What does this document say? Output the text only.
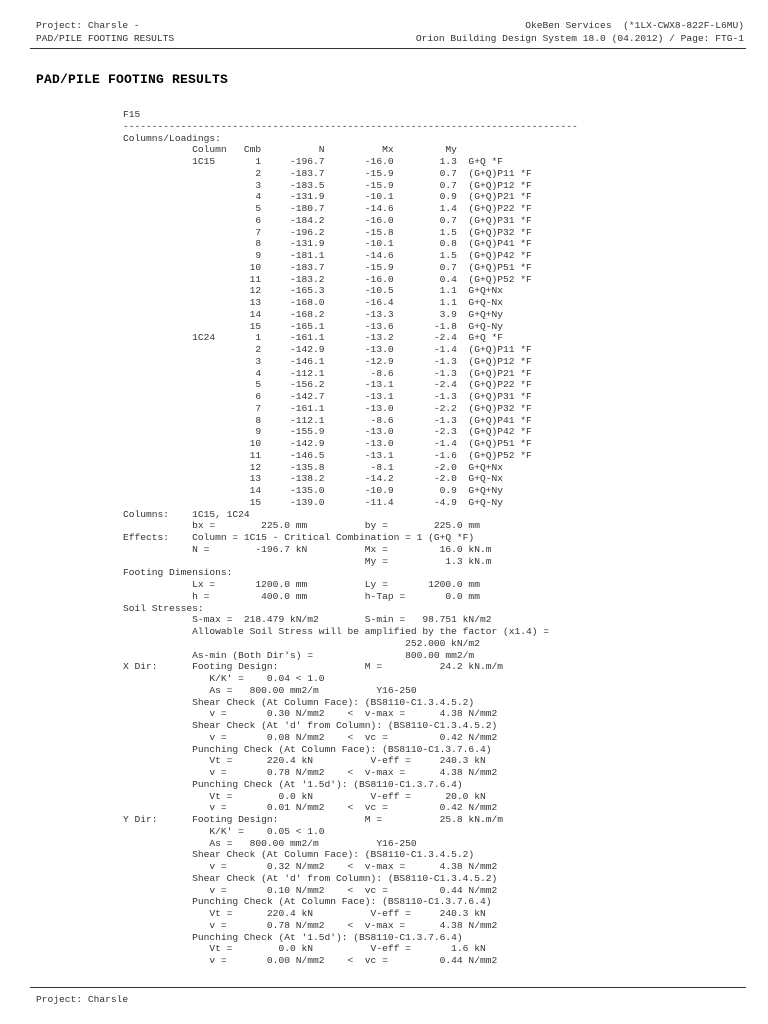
Project: Charsle -	OkeBen Services  (*1LX-CWX8-822F-L6MU)
PAD/PILE FOOTING RESULTS	Orion Building Design System 18.0 (04.2012) / Page: FTG-1
PAD/PILE FOOTING RESULTS
F15
-------------------------------------------------------------------------------
Columns/Loadings:
Column   Cmb          N          Mx         My
1C15       1     -196.7       -16.0        1.3  G+Q *F
2     -183.7       -15.9        0.7  (G+Q)P11 *F
3     -183.5       -15.9        0.7  (G+Q)P12 *F
4     -131.9       -10.1        0.9  (G+Q)P21 *F
5     -180.7       -14.6        1.4  (G+Q)P22 *F
6     -184.2       -16.0        0.7  (G+Q)P31 *F
7     -196.2       -15.8        1.5  (G+Q)P32 *F
8     -131.9       -10.1        0.8  (G+Q)P41 *F
9     -181.1       -14.6        1.5  (G+Q)P42 *F
10     -183.7       -15.9        0.7  (G+Q)P51 *F
11     -183.2       -16.0        0.4  (G+Q)P52 *F
12     -165.3       -10.5        1.1  G+Q+Nx
13     -168.0       -16.4        1.1  G+Q-Nx
14     -168.2       -13.3        3.9  G+Q+Ny
15     -165.1       -13.6       -1.8  G+Q-Ny
1C24       1     -161.1       -13.2       -2.4  G+Q *F
2     -142.9       -13.0       -1.4  (G+Q)P11 *F
3     -146.1       -12.9       -1.3  (G+Q)P12 *F
4     -112.1        -8.6       -1.3  (G+Q)P21 *F
5     -156.2       -13.1       -2.4  (G+Q)P22 *F
6     -142.7       -13.1       -1.3  (G+Q)P31 *F
7     -161.1       -13.0       -2.2  (G+Q)P32 *F
8     -112.1        -8.6       -1.3  (G+Q)P41 *F
9     -155.9       -13.0       -2.3  (G+Q)P42 *F
10     -142.9       -13.0       -1.4  (G+Q)P51 *F
11     -146.5       -13.1       -1.6  (G+Q)P52 *F
12     -135.8        -8.1       -2.0  G+Q+Nx
13     -138.2       -14.2       -2.0  G+Q-Nx
14     -135.0       -10.9        0.9  G+Q+Ny
15     -139.0       -11.4       -4.9  G+Q-Ny
Columns:    1C15, 1C24
bx =        225.0 mm          by =        225.0 mm
Effects:    Column = 1C15 - Critical Combination = 1 (G+Q *F)
N =        -196.7 kN          Mx =         16.0 kN.m
My =          1.3 kN.m
Footing Dimensions:
Lx =       1200.0 mm          Ly =       1200.0 mm
h =         400.0 mm          h-Tap =       0.0 mm
Soil Stresses:
S-max =  218.479 kN/m2        S-min =   98.751 kN/m2
Allowable Soil Stress will be amplified by the factor (x1.4) =
252.000 kN/m2
As-min (Both Dir's) =                800.00 mm2/m
X Dir:      Footing Design:               M =          24.2 kN.m/m
K/K' =    0.04 < 1.0
As =   800.00 mm2/m          Y16-250
Shear Check (At Column Face): (BS8110-C1.3.4.5.2)
v =       0.30 N/mm2    <  v-max =      4.38 N/mm2
Shear Check (At 'd' from Column): (BS8110-C1.3.4.5.2)
v =       0.08 N/mm2    <  vc =         0.42 N/mm2
Punching Check (At Column Face): (BS8110-C1.3.7.6.4)
Vt =      220.4 kN          V-eff =     240.3 kN
v =       0.78 N/mm2    <  v-max =      4.38 N/mm2
Punching Check (At '1.5d'): (BS8110-C1.3.7.6.4)
Vt =        0.0 kN          V-eff =      20.0 kN
v =       0.01 N/mm2    <  vc =         0.42 N/mm2
Y Dir:      Footing Design:               M =          25.8 kN.m/m
K/K' =    0.05 < 1.0
As =   800.00 mm2/m          Y16-250
Shear Check (At Column Face): (BS8110-C1.3.4.5.2)
v =       0.32 N/mm2    <  v-max =      4.38 N/mm2
Shear Check (At 'd' from Column): (BS8110-C1.3.4.5.2)
v =       0.10 N/mm2    <  vc =         0.44 N/mm2
Punching Check (At Column Face): (BS8110-C1.3.7.6.4)
Vt =      220.4 kN          V-eff =     240.3 kN
v =       0.78 N/mm2    <  v-max =      4.38 N/mm2
Punching Check (At '1.5d'): (BS8110-C1.3.7.6.4)
Vt =        0.0 kN          V-eff =       1.6 kN
v =       0.00 N/mm2    <  vc =         0.44 N/mm2
Project: Charsle
